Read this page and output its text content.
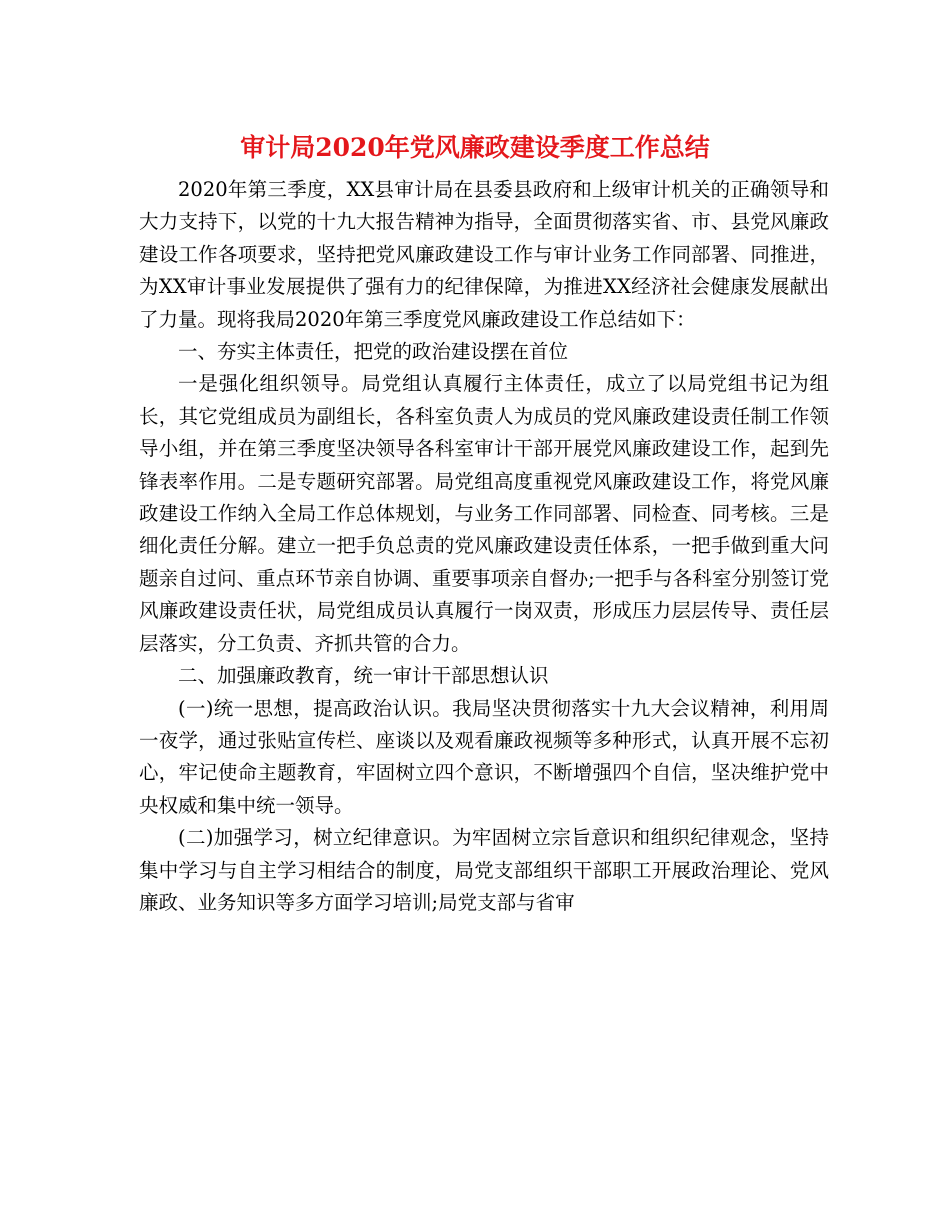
审计局2020年党风廉政建设季度工作总结

2020年第三季度，XX县审计局在县委县政府和上级审计机关的正确领导和大力支持下，以党的十九大报告精神为指导，全面贯彻落实省、市、县党风廉政建设工作各项要求，坚持把党风廉政建设工作与审计业务工作同部署、同推进，为XX审计事业发展提供了强有力的纪律保障，为推进XX经济社会健康发展献出了力量。现将我局2020年第三季度党风廉政建设工作总结如下：

一、夯实主体责任，把党的政治建设摆在首位

一是强化组织领导。局党组认真履行主体责任，成立了以局党组书记为组长，其它党组成员为副组长，各科室负责人为成员的党风廉政建设责任制工作领导小组，并在第三季度坚决领导各科室审计干部开展党风廉政建设工作，起到先锋表率作用。二是专题研究部署。局党组高度重视党风廉政建设工作，将党风廉政建设工作纳入全局工作总体规划，与业务工作同部署、同检查、同考核。三是细化责任分解。建立一把手负总责的党风廉政建设责任体系，一把手做到重大问题亲自过问、重点环节亲自协调、重要事项亲自督办;一把手与各科室分别签订党风廉政建设责任状，局党组成员认真履行一岗双责，形成压力层层传导、责任层层落实，分工负责、齐抓共管的合力。

二、加强廉政教育，统一审计干部思想认识

(一)统一思想，提高政治认识。我局坚决贯彻落实十九大会议精神，利用周一夜学，通过张贴宣传栏、座谈以及观看廉政视频等多种形式，认真开展不忘初心，牢记使命主题教育，牢固树立四个意识，不断增强四个自信，坚决维护党中央权威和集中统一领导。

(二)加强学习，树立纪律意识。为牢固树立宗旨意识和组织纪律观念，坚持集中学习与自主学习相结合的制度，局党支部组织干部职工开展政治理论、党风廉政、业务知识等多方面学习培训;局党支部与省审
